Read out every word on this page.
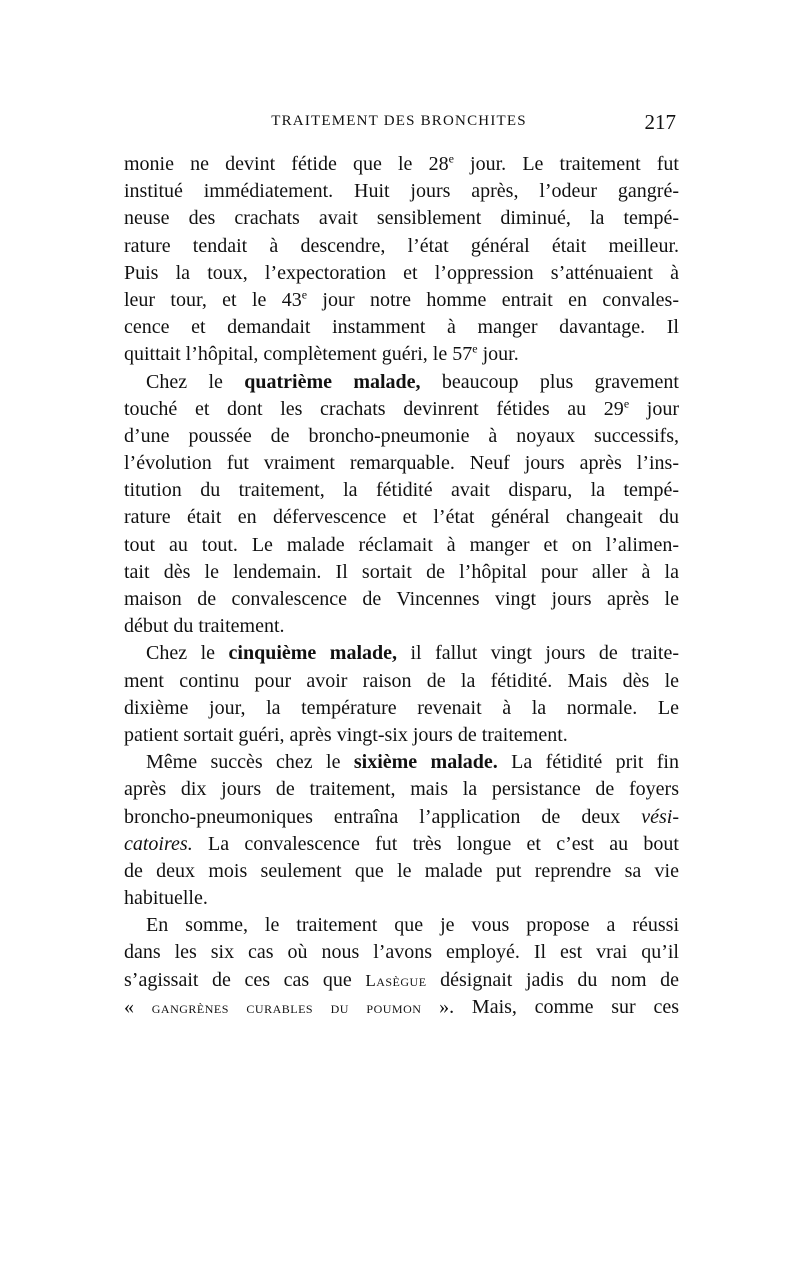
TRAITEMENT DES BRONCHITES	217
monie ne devint fétide que le 28e jour. Le traitement fut
institué immédiatement. Huit jours après, l’odeur gangré-
neuse des crachats avait sensiblement diminué, la tempé-
rature tendait à descendre, l’état général était meilleur.
Puis la toux, l’expectoration et l’oppression s’atténuaient à
leur tour, et le 43e jour notre homme entrait en convales-
cence et demandait instamment à manger davantage. Il
quittait l’hôpital, complètement guéri, le 57e jour.
Chez le quatrième malade, beaucoup plus gravement
touché et dont les crachats devinrent fétides au 29e jour
d’une poussée de broncho-pneumonie à noyaux successifs,
l’évolution fut vraiment remarquable. Neuf jours après l’ins-
titution du traitement, la fétidité avait disparu, la tempé-
rature était en défervescence et l’état général changeait du
tout au tout. Le malade réclamait à manger et on l’alimen-
tait dès le lendemain. Il sortait de l’hôpital pour aller à la
maison de convalescence de Vincennes vingt jours après le
début du traitement.
Chez le cinquième malade, il fallut vingt jours de traite-
ment continu pour avoir raison de la fétidité. Mais dès le
dixième jour, la température revenait à la normale. Le
patient sortait guéri, après vingt-six jours de traitement.
Même succès chez le sixième malade. La fétidité prit fin
après dix jours de traitement, mais la persistance de foyers
broncho-pneumoniques entraîna l’application de deux vési-
catoires. La convalescence fut très longue et c’est au bout
de deux mois seulement que le malade put reprendre sa vie
habituelle.
En somme, le traitement que je vous propose a réussi
dans les six cas où nous l’avons employé. Il est vrai qu’il
s’agissait de ces cas que Lasègue désignait jadis du nom de
« gangrènes curables du poumon ». Mais, comme sur ces
